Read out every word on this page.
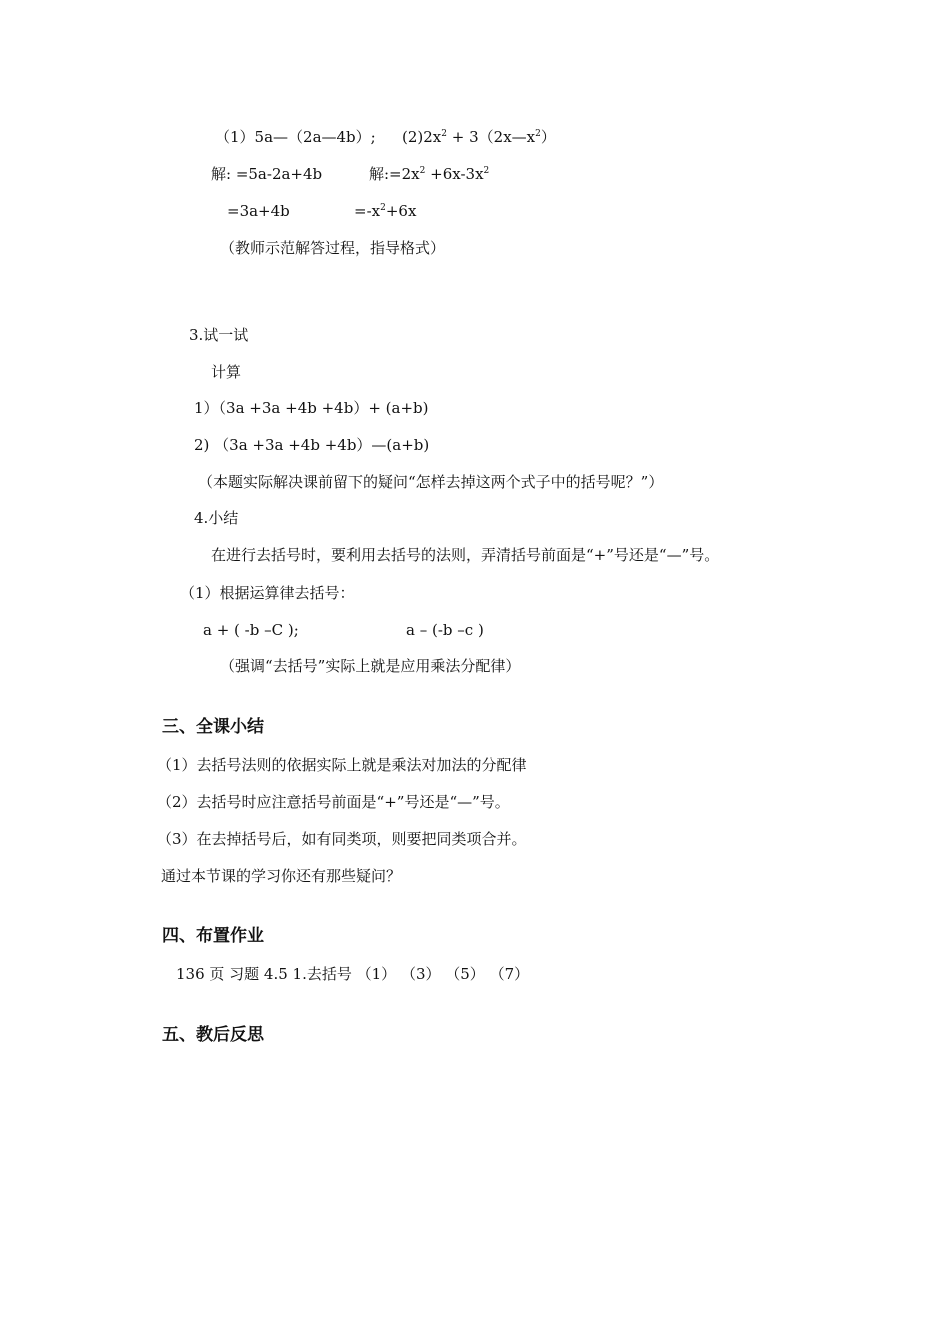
（1）5a—（2a—4b）; $(2)2x^2$ + $3(2x—x^2)$
解: =5a-2a+4b	解$:=2x^2 +6x-3x^2$
=3a+4b	$=-x^2+6x$
（教师示范解答过程，指导格式）
3.试一试
计算
1）（3a +3a +4b +4b）+ (a+b)
2) （3a +3a +4b +4b）—(a+b)
（本题实际解决课前留下的疑问“怎样去掉这两个式子中的括号呢？”）
4.小结
在进行去括号时，要利用去括号的法则，弄清括号前面是“+”号还是“—”号。
（1）根据运算律去括号：
a + ( -b –C );	a – (-b –c )
（强调“去括号”实际上就是应用乘法分配律）
三、全课小结
（1）去括号法则的依据实际上就是乘法对加法的分配律
（2）去括号时应注意括号前面是“+”号还是“—”号。
（3）在去掉括号后，如有同类项，则要把同类项合并。
通过本节课的学习你还有那些疑问？
四、布置作业
136 页 习题 4.5 1.去括号 （1） （3） （5） （7）
五、教后反思
